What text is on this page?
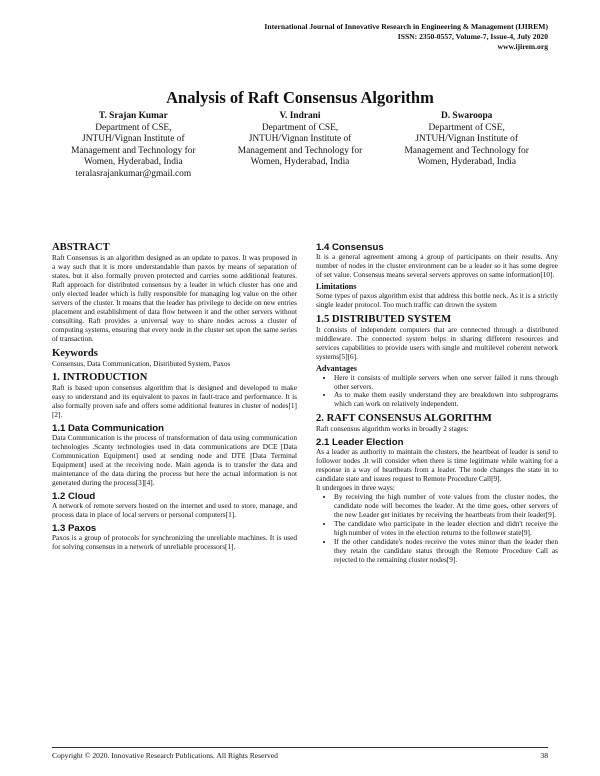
International Journal of Innovative Research in Engineering & Management (IJIREM)
ISSN: 2350-0557, Volume-7, Issue-4, July 2020
www.ijirem.org
Analysis of Raft Consensus Algorithm
T. Srajan Kumar
Department of CSE,
JNTUH/Vignan Institute of
Management and Technology for
Women, Hyderabad, India
teralasrajankumar@gmail.com
V. Indrani
Department of CSE,
JNTUH/Vignan Institute of
Management and Technology for
Women, Hyderabad, India
D. Swaroopa
Department of CSE,
JNTUH/Vignan Institute of
Management and Technology for
Women, Hyderabad, India
ABSTRACT

Raft Consensus is an algorithm designed as an update to paxos. It was proposed in a way such that it is more understandable than paxos by means of separation of states, but it also formally proven protected and carries some additional features. Raft approach for distributed consensus by a leader in which cluster has one and only elected leader which is fully responsible for managing log value on the other servers of the cluster. It means that the leader has privilege to decide on new entries placement and establishment of data flow between it and the other servers without consulting. Raft provides a universal way to share nodes across a cluster of computing systems, ensuring that every node in the cluster set upon the same series of transaction.

Keywords

Consensus, Data Communication, Distributed System, Paxos

1. INTRODUCTION

Raft is based upon consensus algorithm that is designed and developed to make easy to understand and its equivalent to paxos in fault-trace and performance. It is also formally proven safe and offers some additional features in cluster of nodes[1][2].

1.1 Data Communication

Data Communication is the process of transformation of data using communication technologies .Scanty technologies used in data communications are DCE [Data Communication Equipment] used at sending node and DTE [Data Terminal Equipment] used at the receiving node. Main agenda is to transfer the data and maintenance of the data during the process but here the actual information is not generated during the process[3][4].

1.2 Cloud

A network of remote servers hosted on the internet and used to store, manage, and process data in place of local servers or personal computers[1].

1.3 Paxos

Paxos is a group of protocols for synchronizing the unreliable machines. It is used for solving consensus in a network of unreliable processors[1].

1.4 Consensus

It is a general agreement among a group of participants on their results. Any number of nodes in the cluster environment can be a leader so it has some degree of set value. Consensus means several servers approves on same information[10].

Limitations

Some types of paxos algorithm exist that address this bottle neck. As it is a strictly single leader protocol. Too much traffic can drown the system

1.5 DISTRIBUTED SYSTEM

It consists of independent computers that are connected through a distributed middleware. The connected system helps in sharing different resources and services capabilities to provide users with single and multilevel coherent network systems[5][6].

Advantages
• Here it consists of multiple servers when one server failed it runs through other servers.
• As to make them easily understand they are breakdown into subprograms which can work on relatively independent.
2. RAFT CONSENSUS ALGORITHM

Raft consensus algorithm works in broadly 2 stages:

2.1 Leader Election

As a leader as authority to maintain the clusters, the heartbeat of leader is send to follower nodes .It will consider when there is time legitimate while waiting for a response in a way of heartbeats from a leader. The node changes the state in to candidate state and issues request to Remote Procedure Call[9].

It undergoes in three ways:

• By receiving the high number of vote values from the cluster nodes, the candidate node will becomes the leader. At the time goes, other servers of the new Leader get initiates by receiving the heartbeats from their leader[9].
• The candidate who participate in the leader election and didn't receive the high number of votes in the election returns to the follower state[9].
• If the other candidate's nodes receive the votes minor than the leader then they retain the candidate status through the Remote Procedure Call as rejected to the remaining cluster nodes[9].
Copyright © 2020. Innovative Research Publications. All Rights Reserved	38
